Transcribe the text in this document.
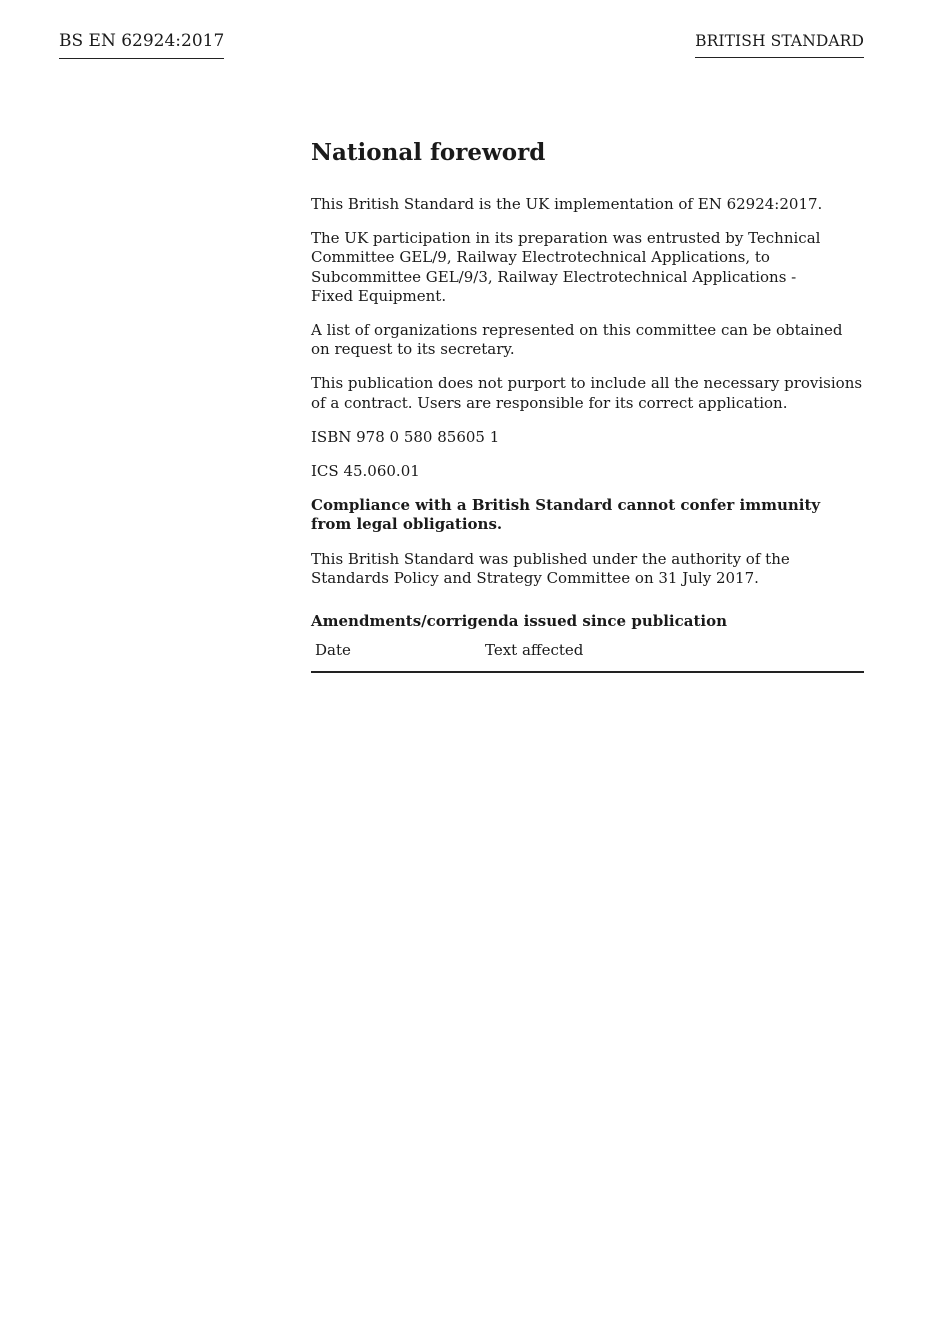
BS EN 62924:2017	BRITISH STANDARD
National foreword
This British Standard is the UK implementation of EN 62924:2017.
The UK participation in its preparation was entrusted by Technical
Committee GEL/9, Railway Electrotechnical Applications, to
Subcommittee GEL/9/3, Railway Electrotechnical Applications -
Fixed Equipment.
A list of organizations represented on this committee can be obtained on request to its secretary.
This publication does not purport to include all the necessary provisions of a contract. Users are responsible for its correct application.
ISBN 978 0 580 85605 1
ICS 45.060.01
Compliance with a British Standard cannot confer immunity from legal obligations.
This British Standard was published under the authority of the Standards Policy and Strategy Committee on 31 July 2017.
Amendments/corrigenda issued since publication
Date	Text affected
